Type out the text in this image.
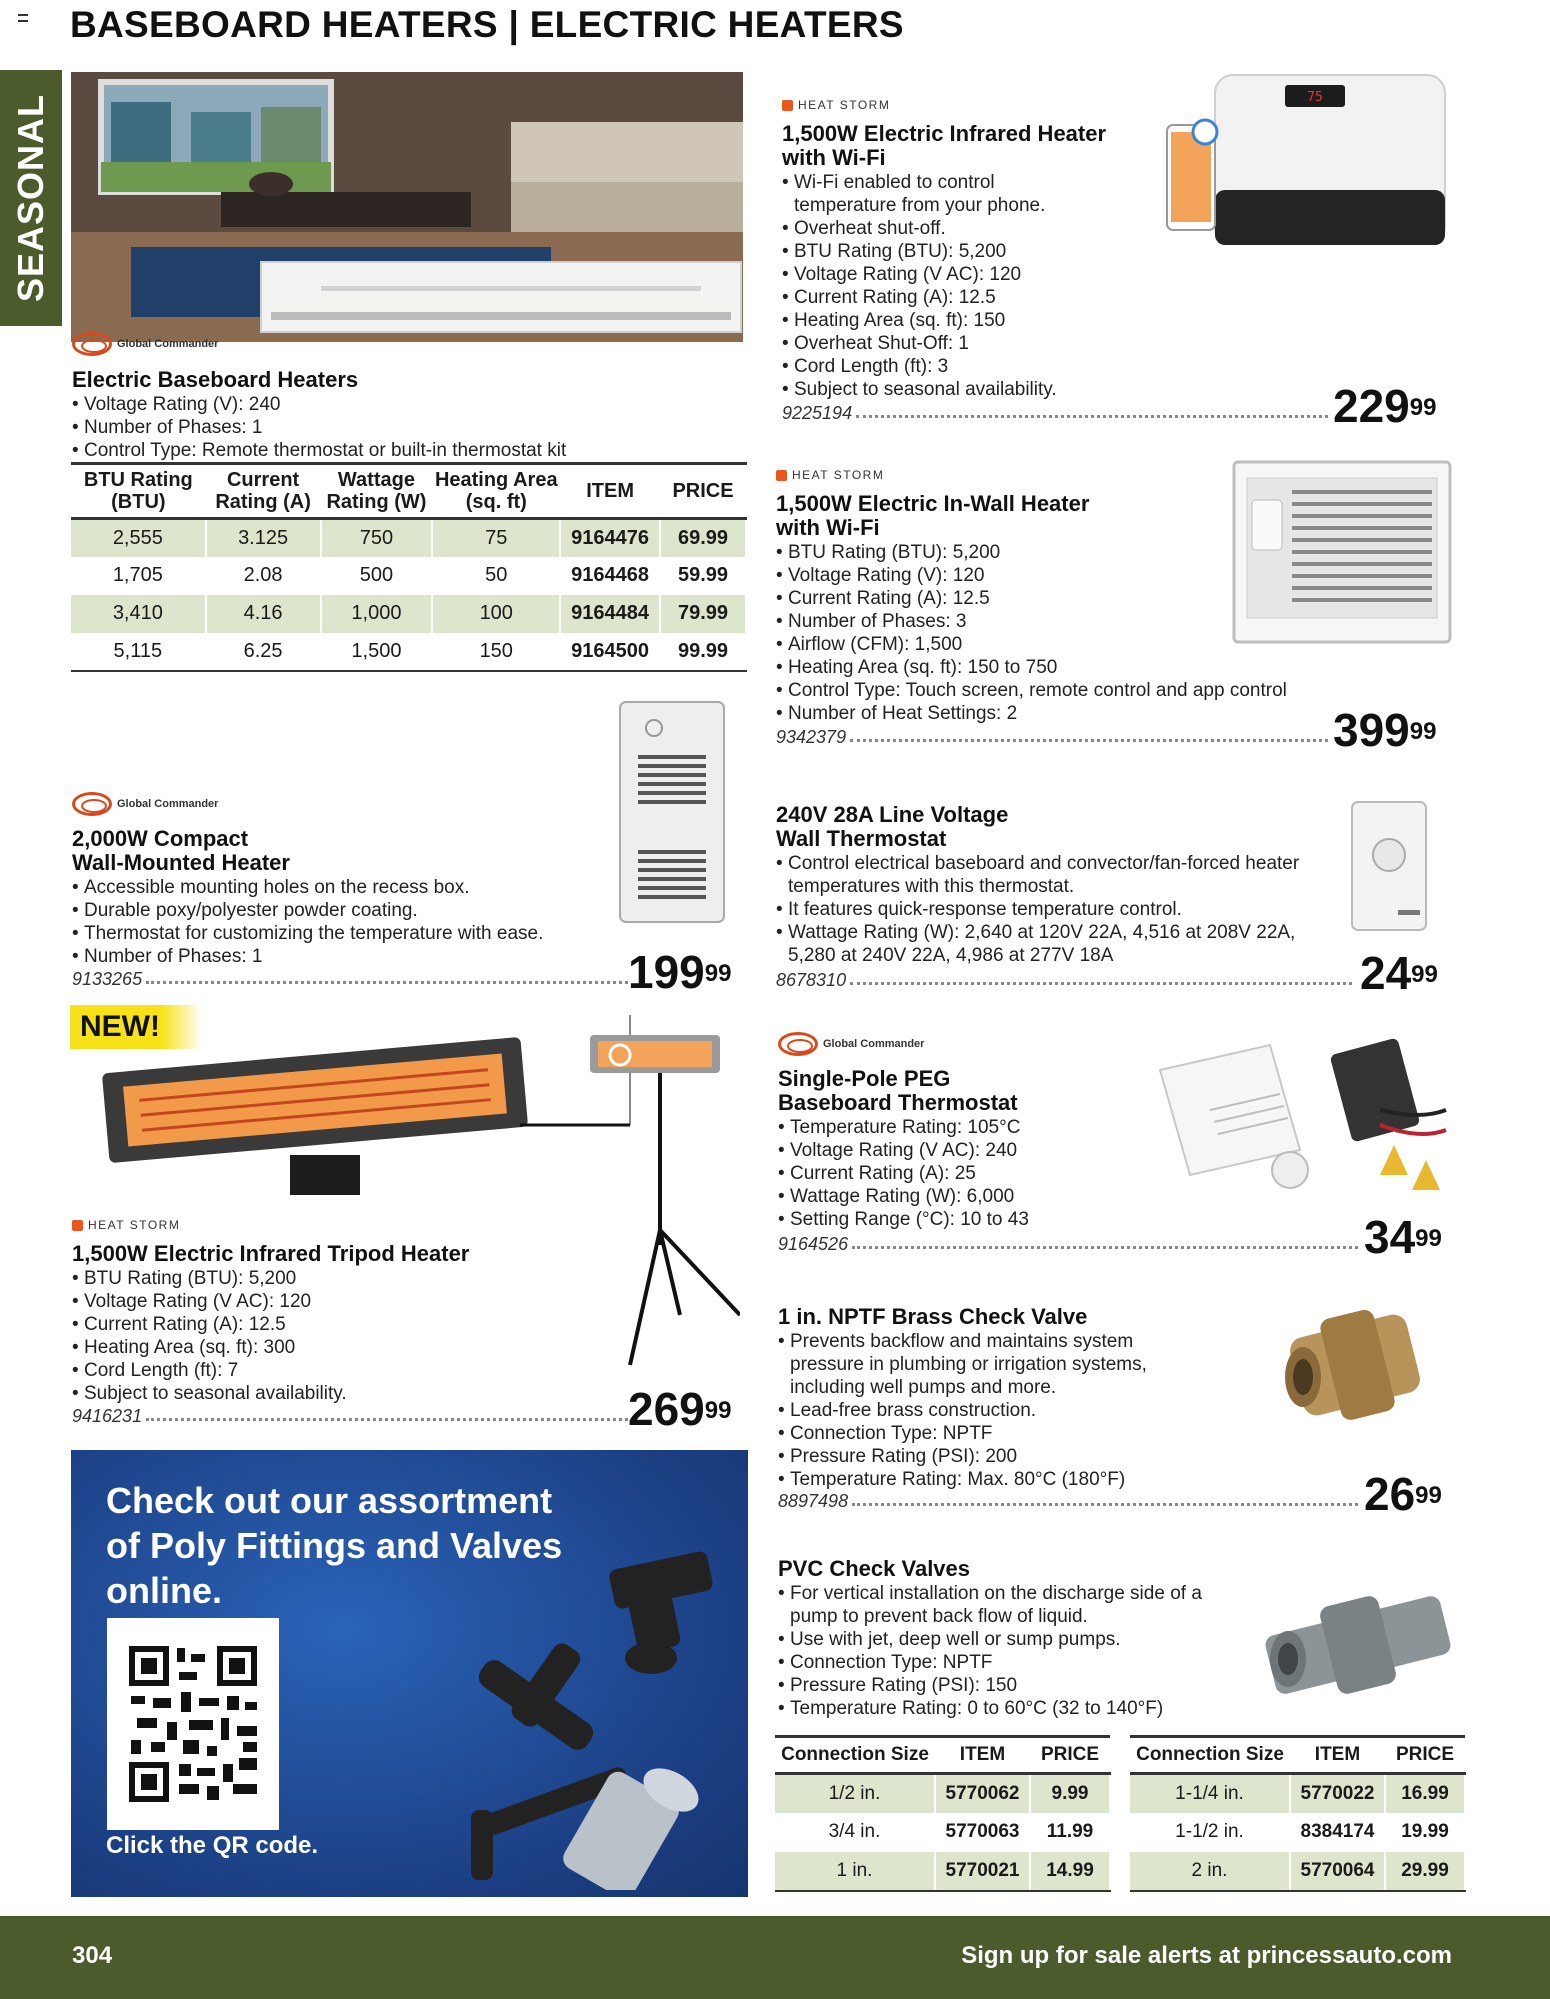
BASEBOARD HEATERS | ELECTRIC HEATERS
SEASONAL
Global Commander
Electric Baseboard Heaters
• Voltage Rating (V): 240
• Number of Phases: 1
• Control Type: Remote thermostat or built-in thermostat kit
BTU Rating (BTU)	Current Rating (A)	Wattage Rating (W)	Heating Area (sq. ft)	ITEM	PRICE
2,555	3.125	750	75	9164476	69.99
1,705	2.08	500	50	9164468	59.99
3,410	4.16	1,000	100	9164484	79.99
5,115	6.25	1,500	150	9164500	99.99
Global Commander
2,000W Compact
Wall-Mounted Heater
• Accessible mounting holes on the recess box.
• Durable poxy/polyester powder coating.
• Thermostat for customizing the temperature with ease.
• Number of Phases: 1
9133265	$199^{99}$
NEW!
HEAT STORM
1,500W Electric Infrared Tripod Heater
• BTU Rating (BTU): 5,200
• Voltage Rating (V AC): 120
• Current Rating (A): 12.5
• Heating Area (sq. ft): 300
• Cord Length (ft): 7
• Subject to seasonal availability.
9416231	$269^{99}$
Check out our assortment
of Poly Fittings and Valves
online.
Click the QR code.
HEAT STORM
1,500W Electric Infrared Heater
with Wi-Fi
• Wi-Fi enabled to control temperature from your phone.
• Overheat shut-off.
• BTU Rating (BTU): 5,200
• Voltage Rating (V AC): 120
• Current Rating (A): 12.5
• Heating Area (sq. ft): 150
• Overheat Shut-Off: 1
• Cord Length (ft): 3
• Subject to seasonal availability.
75
9225194	$229^{99}$
HEAT STORM
1,500W Electric In-Wall Heater
with Wi-Fi
• BTU Rating (BTU): 5,200
• Voltage Rating (V): 120
• Current Rating (A): 12.5
• Number of Phases: 3
• Airflow (CFM): 1,500
• Heating Area (sq. ft): 150 to 750
• Control Type: Touch screen, remote control and app control
• Number of Heat Settings: 2
9342379	$399^{99}$
240V 28A Line Voltage
Wall Thermostat
• Control electrical baseboard and convector/fan-forced heater temperatures with this thermostat.
• It features quick-response temperature control.
• Wattage Rating (W): 2,640 at 120V 22A, 4,516 at 208V 22A, 5,280 at 240V 22A, 4,986 at 277V 18A
8678310	$24^{99}$
Global Commander
Single-Pole PEG
Baseboard Thermostat
• Temperature Rating: 105°C
• Voltage Rating (V AC): 240
• Current Rating (A): 25
• Wattage Rating (W): 6,000
• Setting Range (°C): 10 to 43
9164526	$34^{99}$
1 in. NPTF Brass Check Valve
• Prevents backflow and maintains system pressure in plumbing or irrigation systems, including well pumps and more.
• Lead-free brass construction.
• Connection Type: NPTF
• Pressure Rating (PSI): 200
• Temperature Rating: Max. 80°C (180°F)
8897498	$26^{99}$
PVC Check Valves
• For vertical installation on the discharge side of a pump to prevent back flow of liquid.
• Use with jet, deep well or sump pumps.
• Connection Type: NPTF
• Pressure Rating (PSI): 150
• Temperature Rating: 0 to 60°C (32 to 140°F)
Connection Size	ITEM	PRICE
1/2 in.	5770062	9.99
3/4 in.	5770063	11.99
1 in.	5770021	14.99
Connection Size	ITEM	PRICE
1-1/4 in.	5770022	16.99
1-1/2 in.	8384174	19.99
2 in.	5770064	29.99
304	Sign up for sale alerts at princessauto.com
